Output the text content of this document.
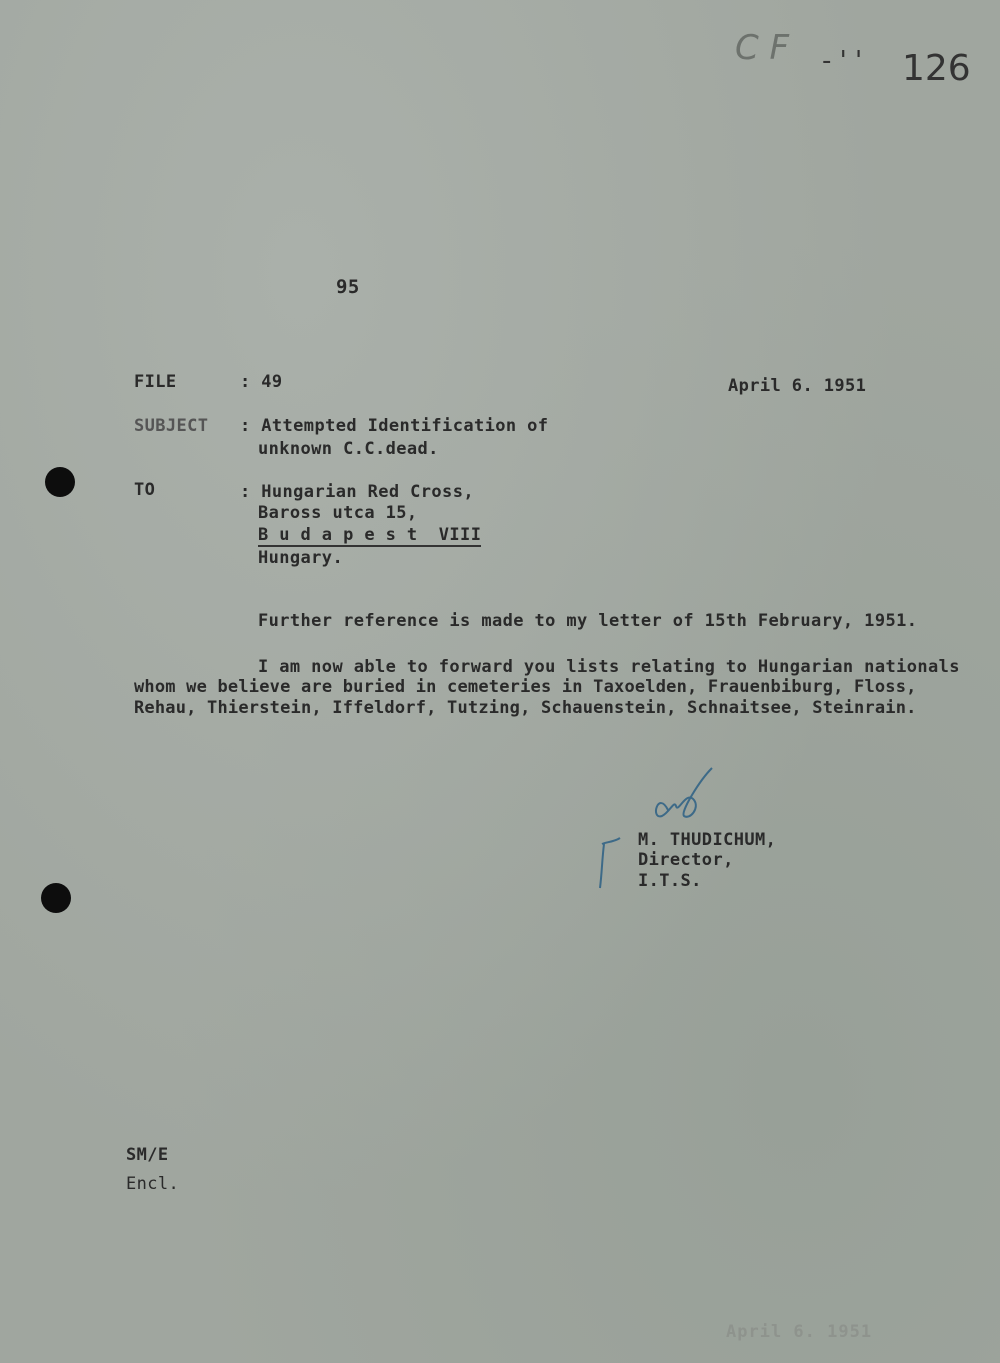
C F - ' ' 126
95
FILE	: 49	April 6. 1951
SUBJECT : Attempted Identification of
unknown C.C.dead.
TO	: Hungarian Red Cross,
Baross utca 15,
B u d a p e s t  VIII
Hungary.
Further reference is made to my letter of 15th February, 1951.
I am now able to forward you lists relating to Hungarian nationals
whom we believe are buried in cemeteries in Taxoelden, Frauenbiburg, Floss,
Rehau, Thierstein, Iffeldorf, Tutzing, Schauenstein, Schnaitsee, Steinrain.
M. THUDICHUM,
Director,
I.T.S.
SM/E
Encl.
April 6. 1951
